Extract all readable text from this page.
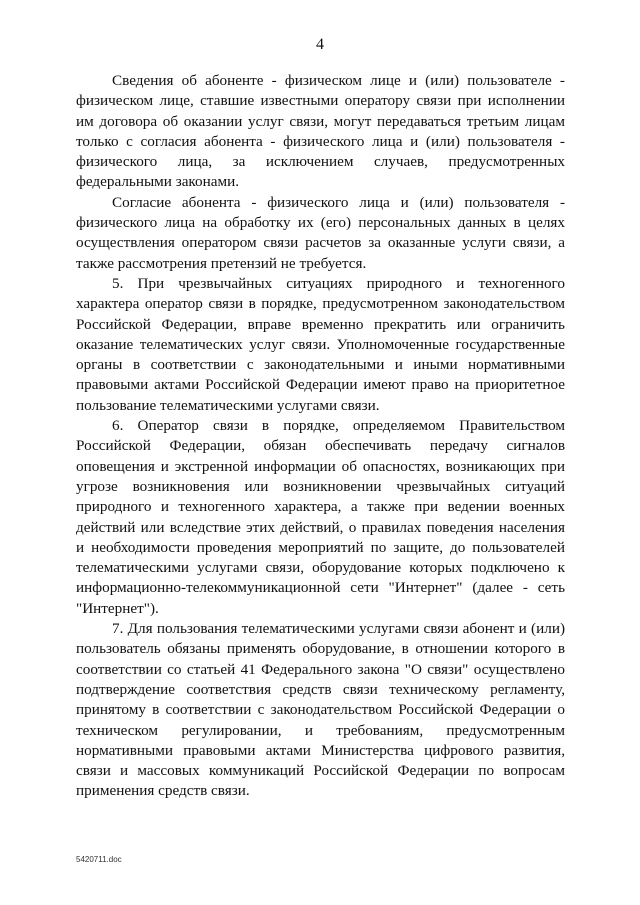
4

Сведения об абоненте - физическом лице и (или) пользователе - физическом лице, ставшие известными оператору связи при исполнении им договора об оказании услуг связи, могут передаваться третьим лицам только с согласия абонента - физического лица и (или) пользователя - физического лица, за исключением случаев, предусмотренных федеральными законами.

Согласие абонента - физического лица и (или) пользователя - физического лица на обработку их (его) персональных данных в целях осуществления оператором связи расчетов за оказанные услуги связи, а также рассмотрения претензий не требуется.

5. При чрезвычайных ситуациях природного и техногенного характера оператор связи в порядке, предусмотренном законодательством Российской Федерации, вправе временно прекратить или ограничить оказание телематических услуг связи. Уполномоченные государственные органы в соответствии с законодательными и иными нормативными правовыми актами Российской Федерации имеют право на приоритетное пользование телематическими услугами связи.

6. Оператор связи в порядке, определяемом Правительством Российской Федерации, обязан обеспечивать передачу сигналов оповещения и экстренной информации об опасностях, возникающих при угрозе возникновения или возникновении чрезвычайных ситуаций природного и техногенного характера, а также при ведении военных действий или вследствие этих действий, о правилах поведения населения и необходимости проведения мероприятий по защите, до пользователей телематическими услугами связи, оборудование которых подключено к информационно-телекоммуникационной сети "Интернет" (далее - сеть "Интернет").

7. Для пользования телематическими услугами связи абонент и (или) пользователь обязаны применять оборудование, в отношении которого в соответствии со статьей 41 Федерального закона "О связи" осуществлено подтверждение соответствия средств связи техническому регламенту, принятому в соответствии с законодательством Российской Федерации о техническом регулировании, и требованиям, предусмотренным нормативными правовыми актами Министерства цифрового развития, связи и массовых коммуникаций Российской Федерации по вопросам применения средств связи.

5420711.doc
